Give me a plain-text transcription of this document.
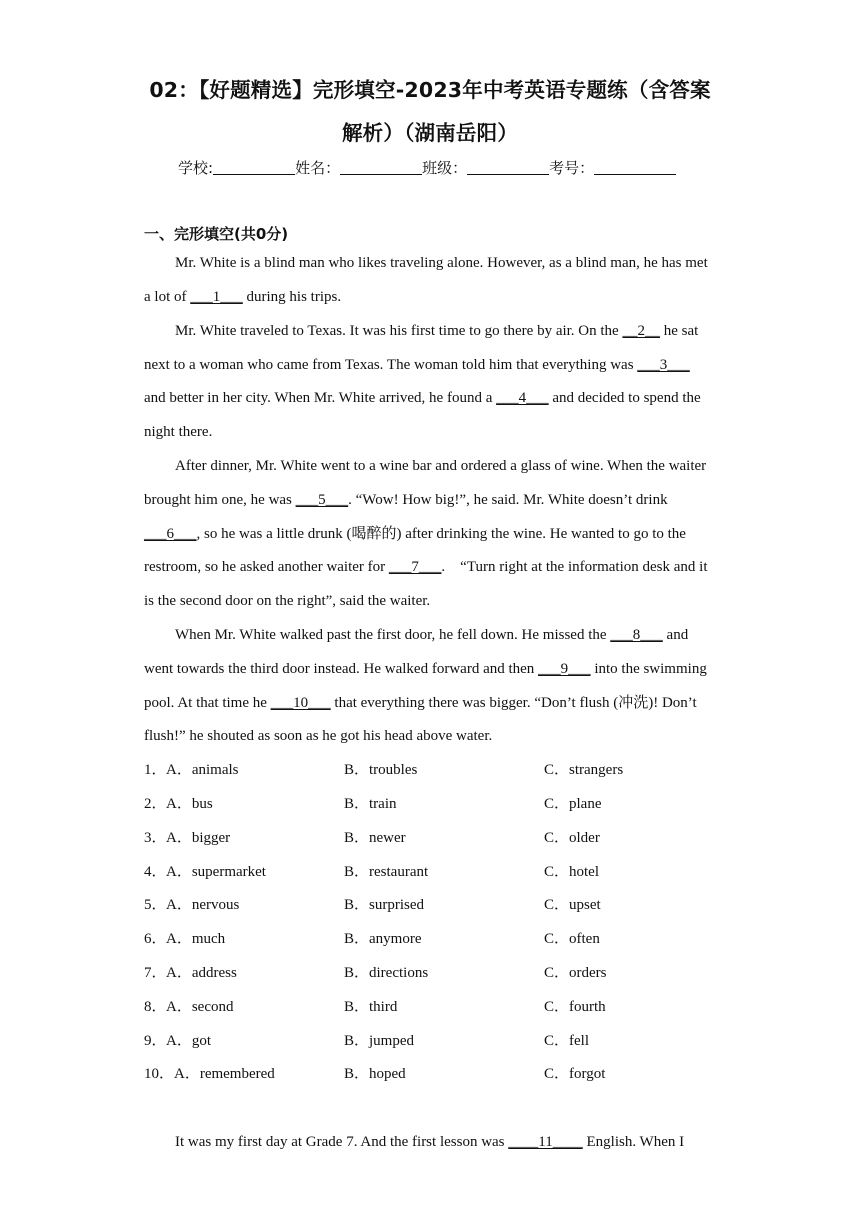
02：【好题精选】完形填空-2023年中考英语专题练（含答案
解析）（湖南岳阳）
学校:	姓名：	班级：	考号：
一、完形填空(共0分)
Mr. White is a blind man who likes traveling alone. However, as a blind man, he has met
a lot of ___1___ during his trips.
Mr. White traveled to Texas. It was his first time to go there by air. On the __2__ he sat
next to a woman who came from Texas. The woman told him that everything was ___3___
and better in her city. When Mr. White arrived, he found a ___4___ and decided to spend the
night there.
After dinner, Mr. White went to a wine bar and ordered a glass of wine. When the waiter
brought him one, he was ___5___. “Wow! How big!”, he said. Mr. White doesn’t drink
___6___, so he was a little drunk (喝醉的) after drinking the wine. He wanted to go to the
restroom, so he asked another waiter for ___7___.　“Turn right at the information desk and it
is the second door on the right”, said the waiter.
When Mr. White walked past the first door, he fell down. He missed the ___8___ and
went towards the third door instead. He walked forward and then ___9___ into the swimming
pool. At that time he ___10___ that everything there was bigger. “Don’t flush (冲洗)! Don’t
flush!” he shouted as soon as he got his head above water.
1． A．animals	B．troubles	C．strangers
2． A．bus	B．train	C．plane
3． A．bigger	B．newer	C．older
4． A．supermarket	B．restaurant	C．hotel
5． A．nervous	B．surprised	C．upset
6． A．much	B．anymore	C．often
7． A．address	B．directions	C．orders
8． A．second	B．third	C．fourth
9． A．got	B．jumped	C．fell
10． A．remembered	B．hoped	C．forgot
It was my first day at Grade 7. And the first lesson was ____11____ English. When I
